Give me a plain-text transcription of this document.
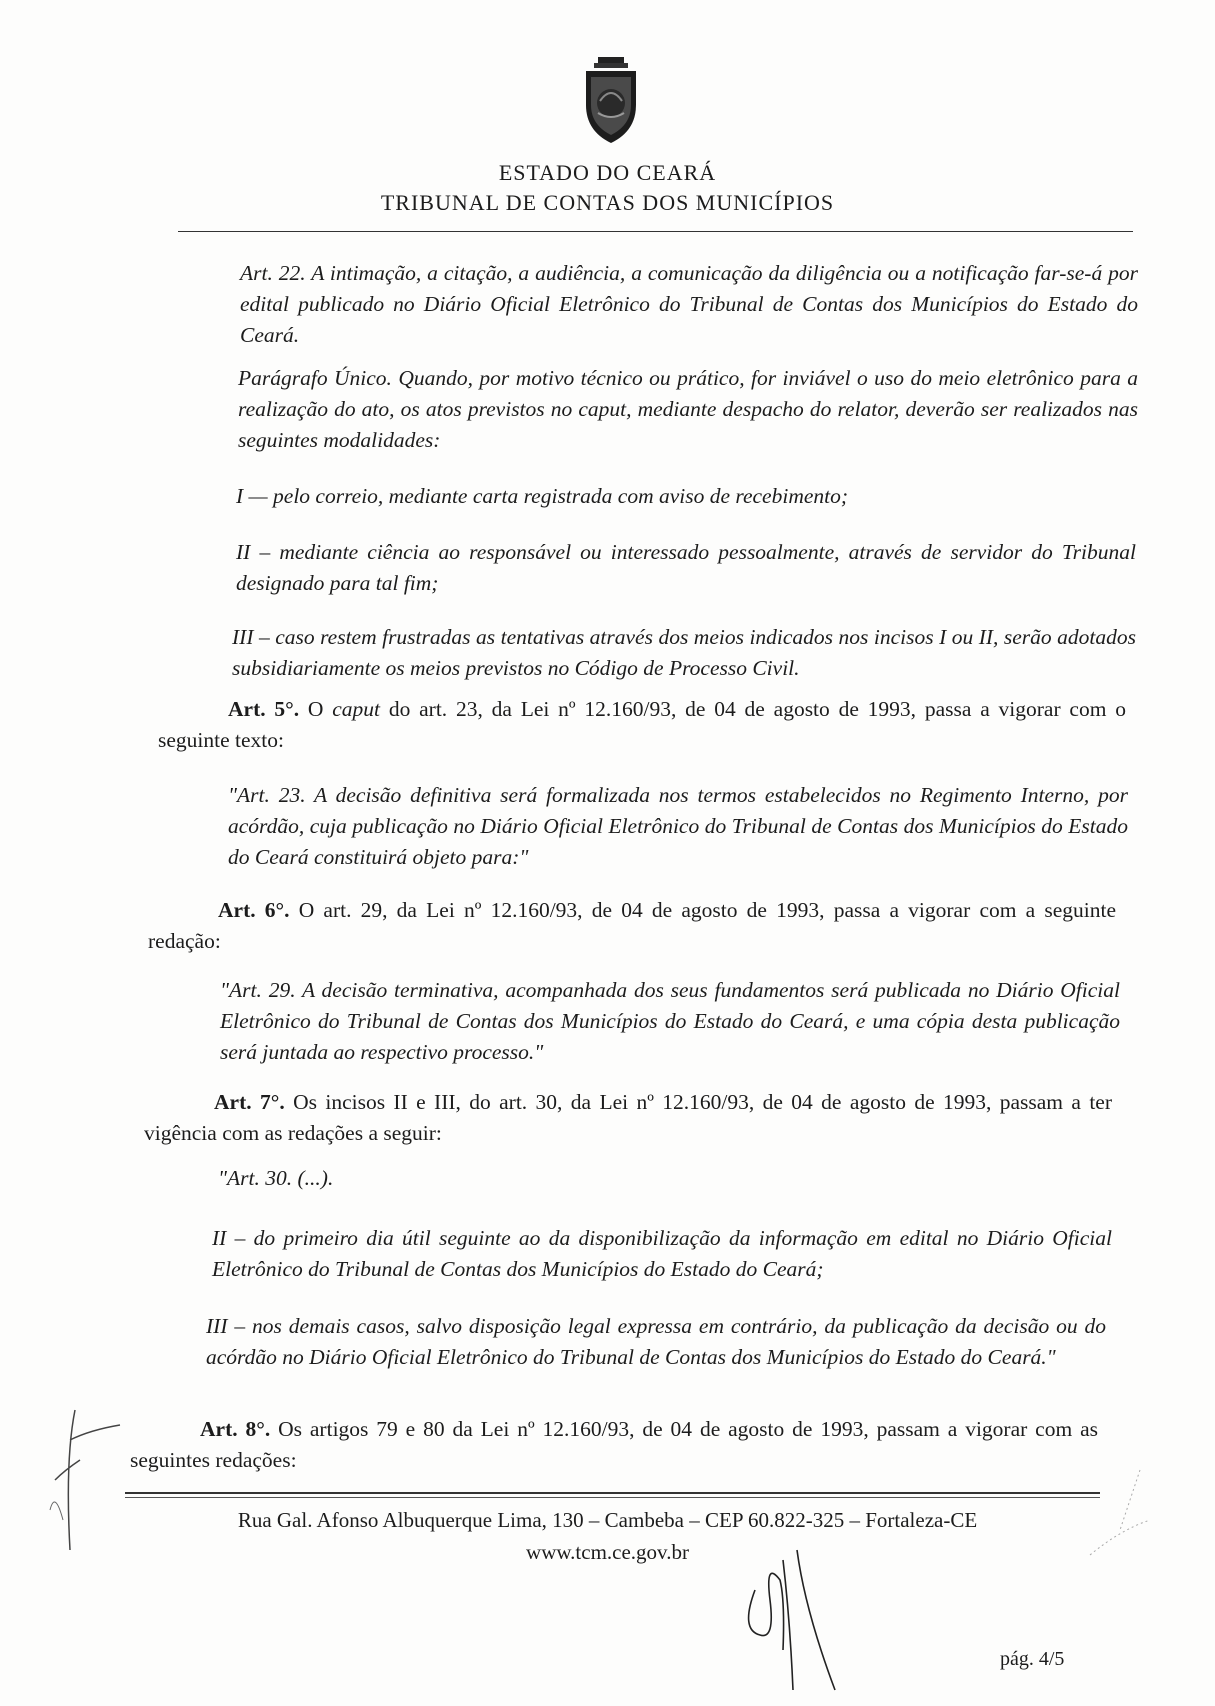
ESTADO DO CEARÁ
TRIBUNAL DE CONTAS DOS MUNICÍPIOS
Art. 22. A intimação, a citação, a audiência, a comunicação da diligência ou a notificação far-se-á por edital publicado no Diário Oficial Eletrônico do Tribunal de Contas dos Municípios do Estado do Ceará.
Parágrafo Único. Quando, por motivo técnico ou prático, for inviável o uso do meio eletrônico para a realização do ato, os atos previstos no caput, mediante despacho do relator, deverão ser realizados nas seguintes modalidades:
I — pelo correio, mediante carta registrada com aviso de recebimento;
II – mediante ciência ao responsável ou interessado pessoalmente, através de servidor do Tribunal designado para tal fim;
III – caso restem frustradas as tentativas através dos meios indicados nos incisos I ou II, serão adotados subsidiariamente os meios previstos no Código de Processo Civil.
Art. 5°. O caput do art. 23, da Lei nº 12.160/93, de 04 de agosto de 1993, passa a vigorar com o seguinte texto:
"Art. 23. A decisão definitiva será formalizada nos termos estabelecidos no Regimento Interno, por acórdão, cuja publicação no Diário Oficial Eletrônico do Tribunal de Contas dos Municípios do Estado do Ceará constituirá objeto para:"
Art. 6°. O art. 29, da Lei nº 12.160/93, de 04 de agosto de 1993, passa a vigorar com a seguinte redação:
"Art. 29. A decisão terminativa, acompanhada dos seus fundamentos será publicada no Diário Oficial Eletrônico do Tribunal de Contas dos Municípios do Estado do Ceará, e uma cópia desta publicação será juntada ao respectivo processo."
Art. 7°. Os incisos II e III, do art. 30, da Lei nº 12.160/93, de 04 de agosto de 1993, passam a ter vigência com as redações a seguir:
"Art. 30. (...).
II – do primeiro dia útil seguinte ao da disponibilização da informação em edital no Diário Oficial Eletrônico do Tribunal de Contas dos Municípios do Estado do Ceará;
III – nos demais casos, salvo disposição legal expressa em contrário, da publicação da decisão ou do acórdão no Diário Oficial Eletrônico do Tribunal de Contas dos Municípios do Estado do Ceará."
Art. 8°. Os artigos 79 e 80 da Lei nº 12.160/93, de 04 de agosto de 1993, passam a vigorar com as seguintes redações:
Rua Gal. Afonso Albuquerque Lima, 130 – Cambeba – CEP 60.822-325 – Fortaleza-CE
www.tcm.ce.gov.br
pág. 4/5
